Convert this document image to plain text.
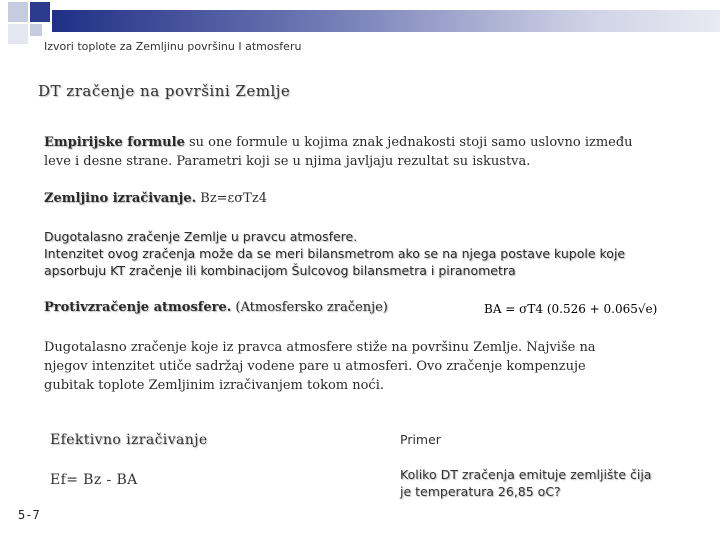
Izvori toplote za Zemljinu površinu I atmosferu
DT zračenje na površini Zemlje
Empirijske formule su one formule u kojima znak jednakosti stoji samo uslovno između leve i desne strane. Parametri koji se u njima javljaju rezultat su iskustva.
Zemljino izračivanje. Bz=εσTz4
Dugotalasno zračenje Zemlje u pravcu atmosfere.
Intenzitet ovog zračenja može da se meri bilansmetrom ako se na njega postave kupole koje apsorbuju KT zračenje ili kombinacijom Šulcovog bilansmetra i piranometra
Protivzračenje atmosfere. (Atmosfersko zračenje)	BA = σT4 (0.526 + 0.065√e)
Dugotalasno zračenje koje iz pravca atmosfere stiže na površinu Zemlje. Najviše na njegov intenzitet utiče sadržaj vodene pare u atmosferi. Ovo zračenje kompenzuje gubitak toplote Zemljinim izračivanjem tokom noći.
Efektivno izračivanje
Ef= Bz - BA
Primer
Koliko DT zračenja emituje zemljište čija je temperatura 26,85 oC?
5-7
